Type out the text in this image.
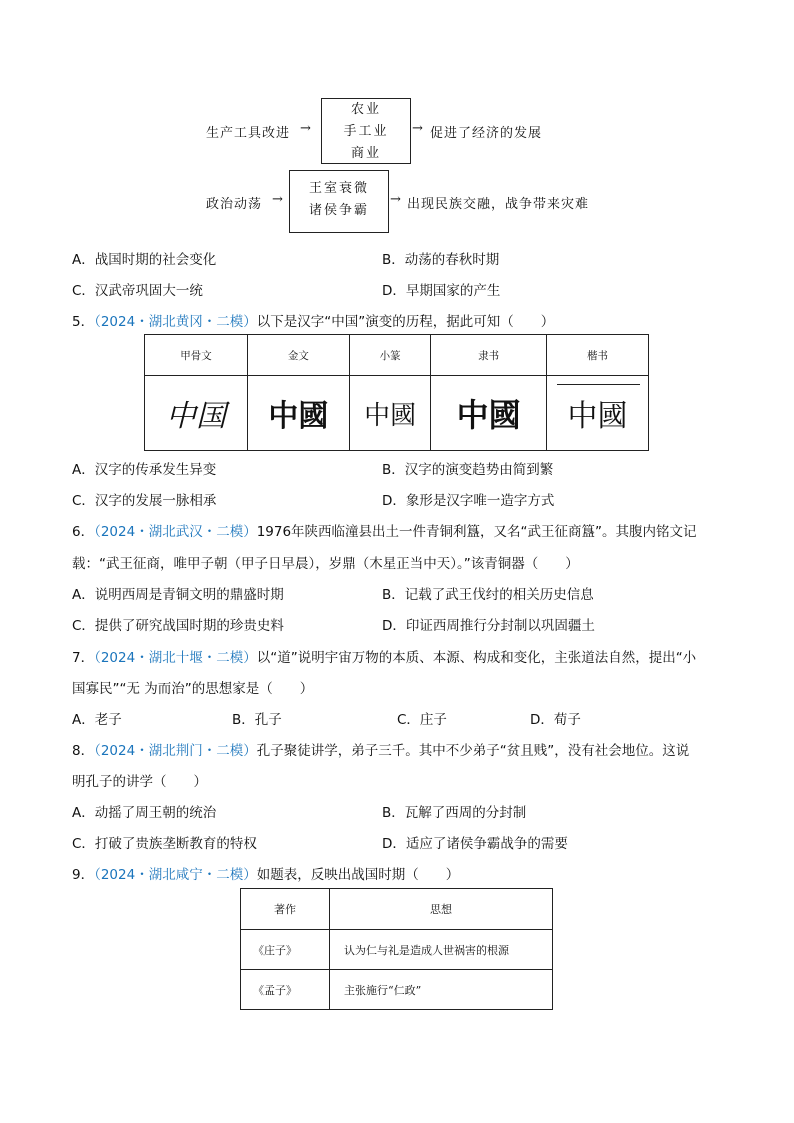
生产工具改进 →
农业
手工业
商业
→ 促进了经济的发展
政治动荡 →
王室衰微
诸侯争霸
→ 出现民族交融，战争带来灾难
A．战国时期的社会变化	B．动荡的春秋时期
C．汉武帝巩固大一统	D．早期国家的产生
5．（2024・湖北黄冈・二模）以下是汉字“中国”演变的历程，据此可知（　　）
甲骨文	金文	小篆	隶书	楷书
中国	中國	中國	中國	中國
A．汉字的传承发生异变	B．汉字的演变趋势由简到繁
C．汉字的发展一脉相承	D．象形是汉字唯一造字方式
6．（2024・湖北武汉・二模）1976年陕西临潼县出土一件青铜利簋，又名“武王征商簋”。其腹内铭文记
载：“武王征商，唯甲子朝（甲子日早晨），岁鼎（木星正当中天）。”该青铜器（　　）
A．说明西周是青铜文明的鼎盛时期	B．记载了武王伐纣的相关历史信息
C．提供了研究战国时期的珍贵史料	D．印证西周推行分封制以巩固疆土
7．（2024・湖北十堰・二模）以“道”说明宇宙万物的本质、本源、构成和变化，主张道法自然，提出“小
国寡民”“无 为而治”的思想家是（　　）
A．老子	B．孔子	C．庄子	D．荀子
8．（2024・湖北荆门・二模）孔子聚徒讲学，弟子三千。其中不少弟子“贫且贱”，没有社会地位。这说
明孔子的讲学（　　）
A．动摇了周王朝的统治	B．瓦解了西周的分封制
C．打破了贵族垄断教育的特权	D．适应了诸侯争霸战争的需要
9．（2024・湖北咸宁・二模）如题表，反映出战国时期（　　）
著作	思想
《庄子》	认为仁与礼是造成人世祸害的根源
《孟子》	主张施行“仁政”
